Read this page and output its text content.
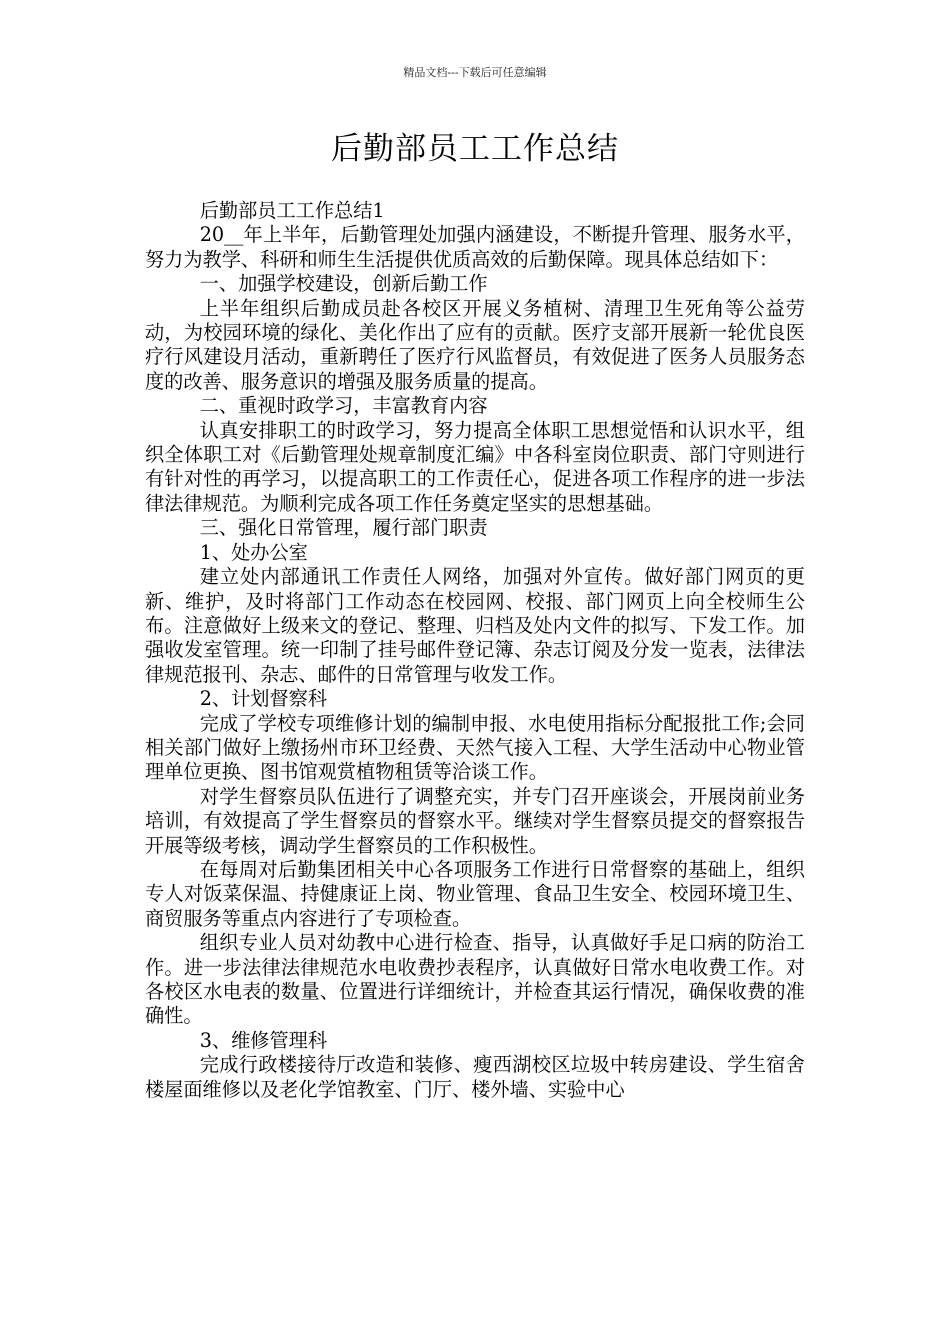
精品文档---下载后可任意编辑
后勤部员工工作总结

后勤部员工工作总结1

20__年上半年，后勤管理处加强内涵建设，不断提升管理、服务水平，努力为教学、科研和师生生活提供优质高效的后勤保障。现具体总结如下：

一、加强学校建设，创新后勤工作

上半年组织后勤成员赴各校区开展义务植树、清理卫生死角等公益劳动，为校园环境的绿化、美化作出了应有的贡献。医疗支部开展新一轮优良医疗行风建设月活动，重新聘任了医疗行风监督员，有效促进了医务人员服务态度的改善、服务意识的增强及服务质量的提高。

二、重视时政学习，丰富教育内容

认真安排职工的时政学习，努力提高全体职工思想觉悟和认识水平，组织全体职工对《后勤管理处规章制度汇编》中各科室岗位职责、部门守则进行有针对性的再学习，以提高职工的工作责任心，促进各项工作程序的进一步法律法律规范。为顺利完成各项工作任务奠定坚实的思想基础。

三、强化日常管理，履行部门职责

1、处办公室

建立处内部通讯工作责任人网络，加强对外宣传。做好部门网页的更新、维护，及时将部门工作动态在校园网、校报、部门网页上向全校师生公布。注意做好上级来文的登记、整理、归档及处内文件的拟写、下发工作。加强收发室管理。统一印制了挂号邮件登记簿、杂志订阅及分发一览表，法律法律规范报刊、杂志、邮件的日常管理与收发工作。

2、计划督察科

完成了学校专项维修计划的编制申报、水电使用指标分配报批工作;会同相关部门做好上缴扬州市环卫经费、天然气接入工程、大学生活动中心物业管理单位更换、图书馆观赏植物租赁等洽谈工作。

对学生督察员队伍进行了调整充实，并专门召开座谈会，开展岗前业务培训，有效提高了学生督察员的督察水平。继续对学生督察员提交的督察报告开展等级考核，调动学生督察员的工作积极性。

在每周对后勤集团相关中心各项服务工作进行日常督察的基础上，组织专人对饭菜保温、持健康证上岗、物业管理、食品卫生安全、校园环境卫生、商贸服务等重点内容进行了专项检查。

组织专业人员对幼教中心进行检查、指导，认真做好手足口病的防治工作。进一步法律法律规范水电收费抄表程序，认真做好日常水电收费工作。对各校区水电表的数量、位置进行详细统计，并检查其运行情况，确保收费的准确性。

3、维修管理科

完成行政楼接待厅改造和装修、瘦西湖校区垃圾中转房建设、学生宿舍楼屋面维修以及老化学馆教室、门厅、楼外墙、实验中心
